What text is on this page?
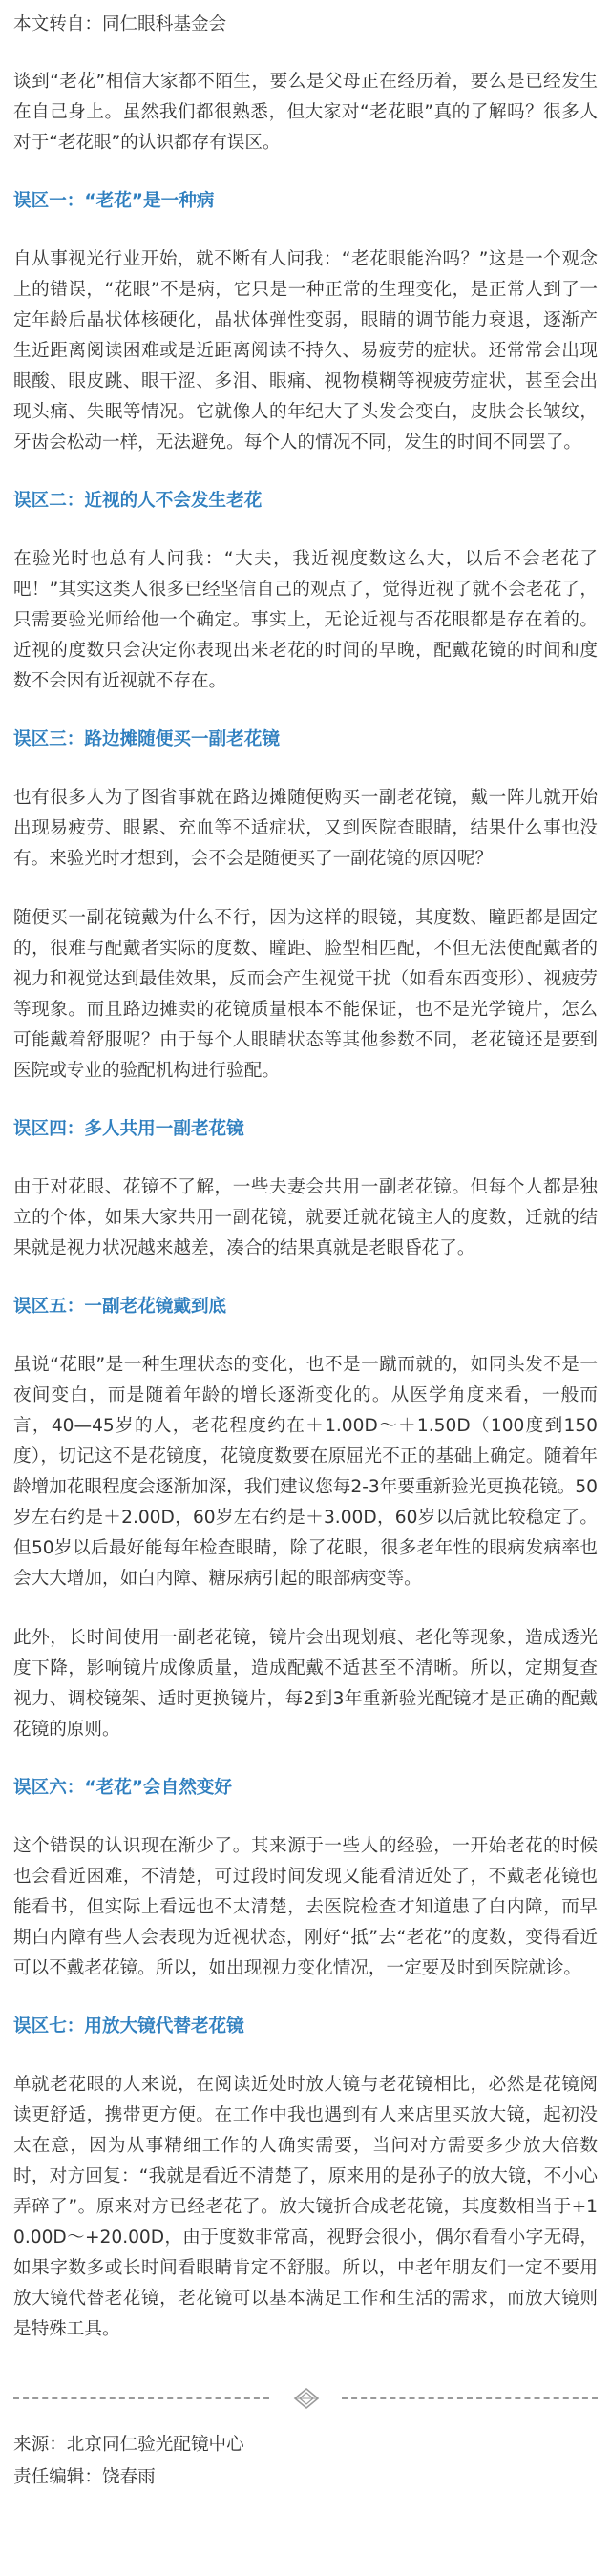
本文转自：同仁眼科基金会

谈到“老花”相信大家都不陌生，要么是父母正在经历着，要么是已经发生在自己身上。虽然我们都很熟悉，但大家对“老花眼”真的了解吗？很多人对于“老花眼”的认识都存有误区。

误区一：“老花”是一种病

自从事视光行业开始，就不断有人问我：“老花眼能治吗？”这是一个观念上的错误，“花眼”不是病，它只是一种正常的生理变化，是正常人到了一定年龄后晶状体核硬化，晶状体弹性变弱，眼睛的调节能力衰退，逐渐产生近距离阅读困难或是近距离阅读不持久、易疲劳的症状。还常常会出现眼酸、眼皮跳、眼干涩、多泪、眼痛、视物模糊等视疲劳症状，甚至会出现头痛、失眠等情况。它就像人的年纪大了头发会变白，皮肤会长皱纹，牙齿会松动一样，无法避免。每个人的情况不同，发生的时间不同罢了。

误区二：近视的人不会发生老花

在验光时也总有人问我：“大夫，我近视度数这么大，以后不会老花了吧！”其实这类人很多已经坚信自己的观点了，觉得近视了就不会老花了，只需要验光师给他一个确定。事实上，无论近视与否花眼都是存在着的。近视的度数只会决定你表现出来老花的时间的早晚，配戴花镜的时间和度数不会因有近视就不存在。

误区三：路边摊随便买一副老花镜

也有很多人为了图省事就在路边摊随便购买一副老花镜，戴一阵儿就开始出现易疲劳、眼累、充血等不适症状，又到医院查眼睛，结果什么事也没有。来验光时才想到，会不会是随便买了一副花镜的原因呢？

随便买一副花镜戴为什么不行，因为这样的眼镜，其度数、瞳距都是固定的，很难与配戴者实际的度数、瞳距、脸型相匹配，不但无法使配戴者的视力和视觉达到最佳效果，反而会产生视觉干扰（如看东西变形）、视疲劳等现象。而且路边摊卖的花镜质量根本不能保证，也不是光学镜片，怎么可能戴着舒服呢？由于每个人眼睛状态等其他参数不同，老花镜还是要到医院或专业的验配机构进行验配。

误区四：多人共用一副老花镜

由于对花眼、花镜不了解，一些夫妻会共用一副老花镜。但每个人都是独立的个体，如果大家共用一副花镜，就要迁就花镜主人的度数，迁就的结果就是视力状况越来越差，凑合的结果真就是老眼昏花了。

误区五：一副老花镜戴到底

虽说“花眼”是一种生理状态的变化，也不是一蹴而就的，如同头发不是一夜间变白，而是随着年龄的增长逐渐变化的。从医学角度来看，一般而言，40—45岁的人，老花程度约在＋1.00D～＋1.50D（100度到150度），切记这不是花镜度，花镜度数要在原屈光不正的基础上确定。随着年龄增加花眼程度会逐渐加深，我们建议您每2-3年要重新验光更换花镜。50岁左右约是＋2.00D，60岁左右约是＋3.00D，60岁以后就比较稳定了。但50岁以后最好能每年检查眼睛，除了花眼，很多老年性的眼病发病率也会大大增加，如白内障、糖尿病引起的眼部病变等。

此外，长时间使用一副老花镜，镜片会出现划痕、老化等现象，造成透光度下降，影响镜片成像质量，造成配戴不适甚至不清晰。所以，定期复查视力、调校镜架、适时更换镜片，每2到3年重新验光配镜才是正确的配戴花镜的原则。

误区六：“老花”会自然变好

这个错误的认识现在渐少了。其来源于一些人的经验，一开始老花的时候也会看近困难，不清楚，可过段时间发现又能看清近处了，不戴老花镜也能看书，但实际上看远也不太清楚，去医院检查才知道患了白内障，而早期白内障有些人会表现为近视状态，刚好“抵”去“老花”的度数，变得看近可以不戴老花镜。所以，如出现视力变化情况，一定要及时到医院就诊。

误区七：用放大镜代替老花镜

单就老花眼的人来说，在阅读近处时放大镜与老花镜相比，必然是花镜阅读更舒适，携带更方便。在工作中我也遇到有人来店里买放大镜，起初没太在意，因为从事精细工作的人确实需要，当问对方需要多少放大倍数时，对方回复：“我就是看近不清楚了，原来用的是孙子的放大镜，不小心弄碎了”。原来对方已经老花了。放大镜折合成老花镜，其度数相当于+10.00D～+20.00D，由于度数非常高，视野会很小，偶尔看看小字无碍，如果字数多或长时间看眼睛肯定不舒服。所以，中老年朋友们一定不要用放大镜代替老花镜，老花镜可以基本满足工作和生活的需求，而放大镜则是特殊工具。

来源：北京同仁验光配镜中心

责任编辑：饶春雨
